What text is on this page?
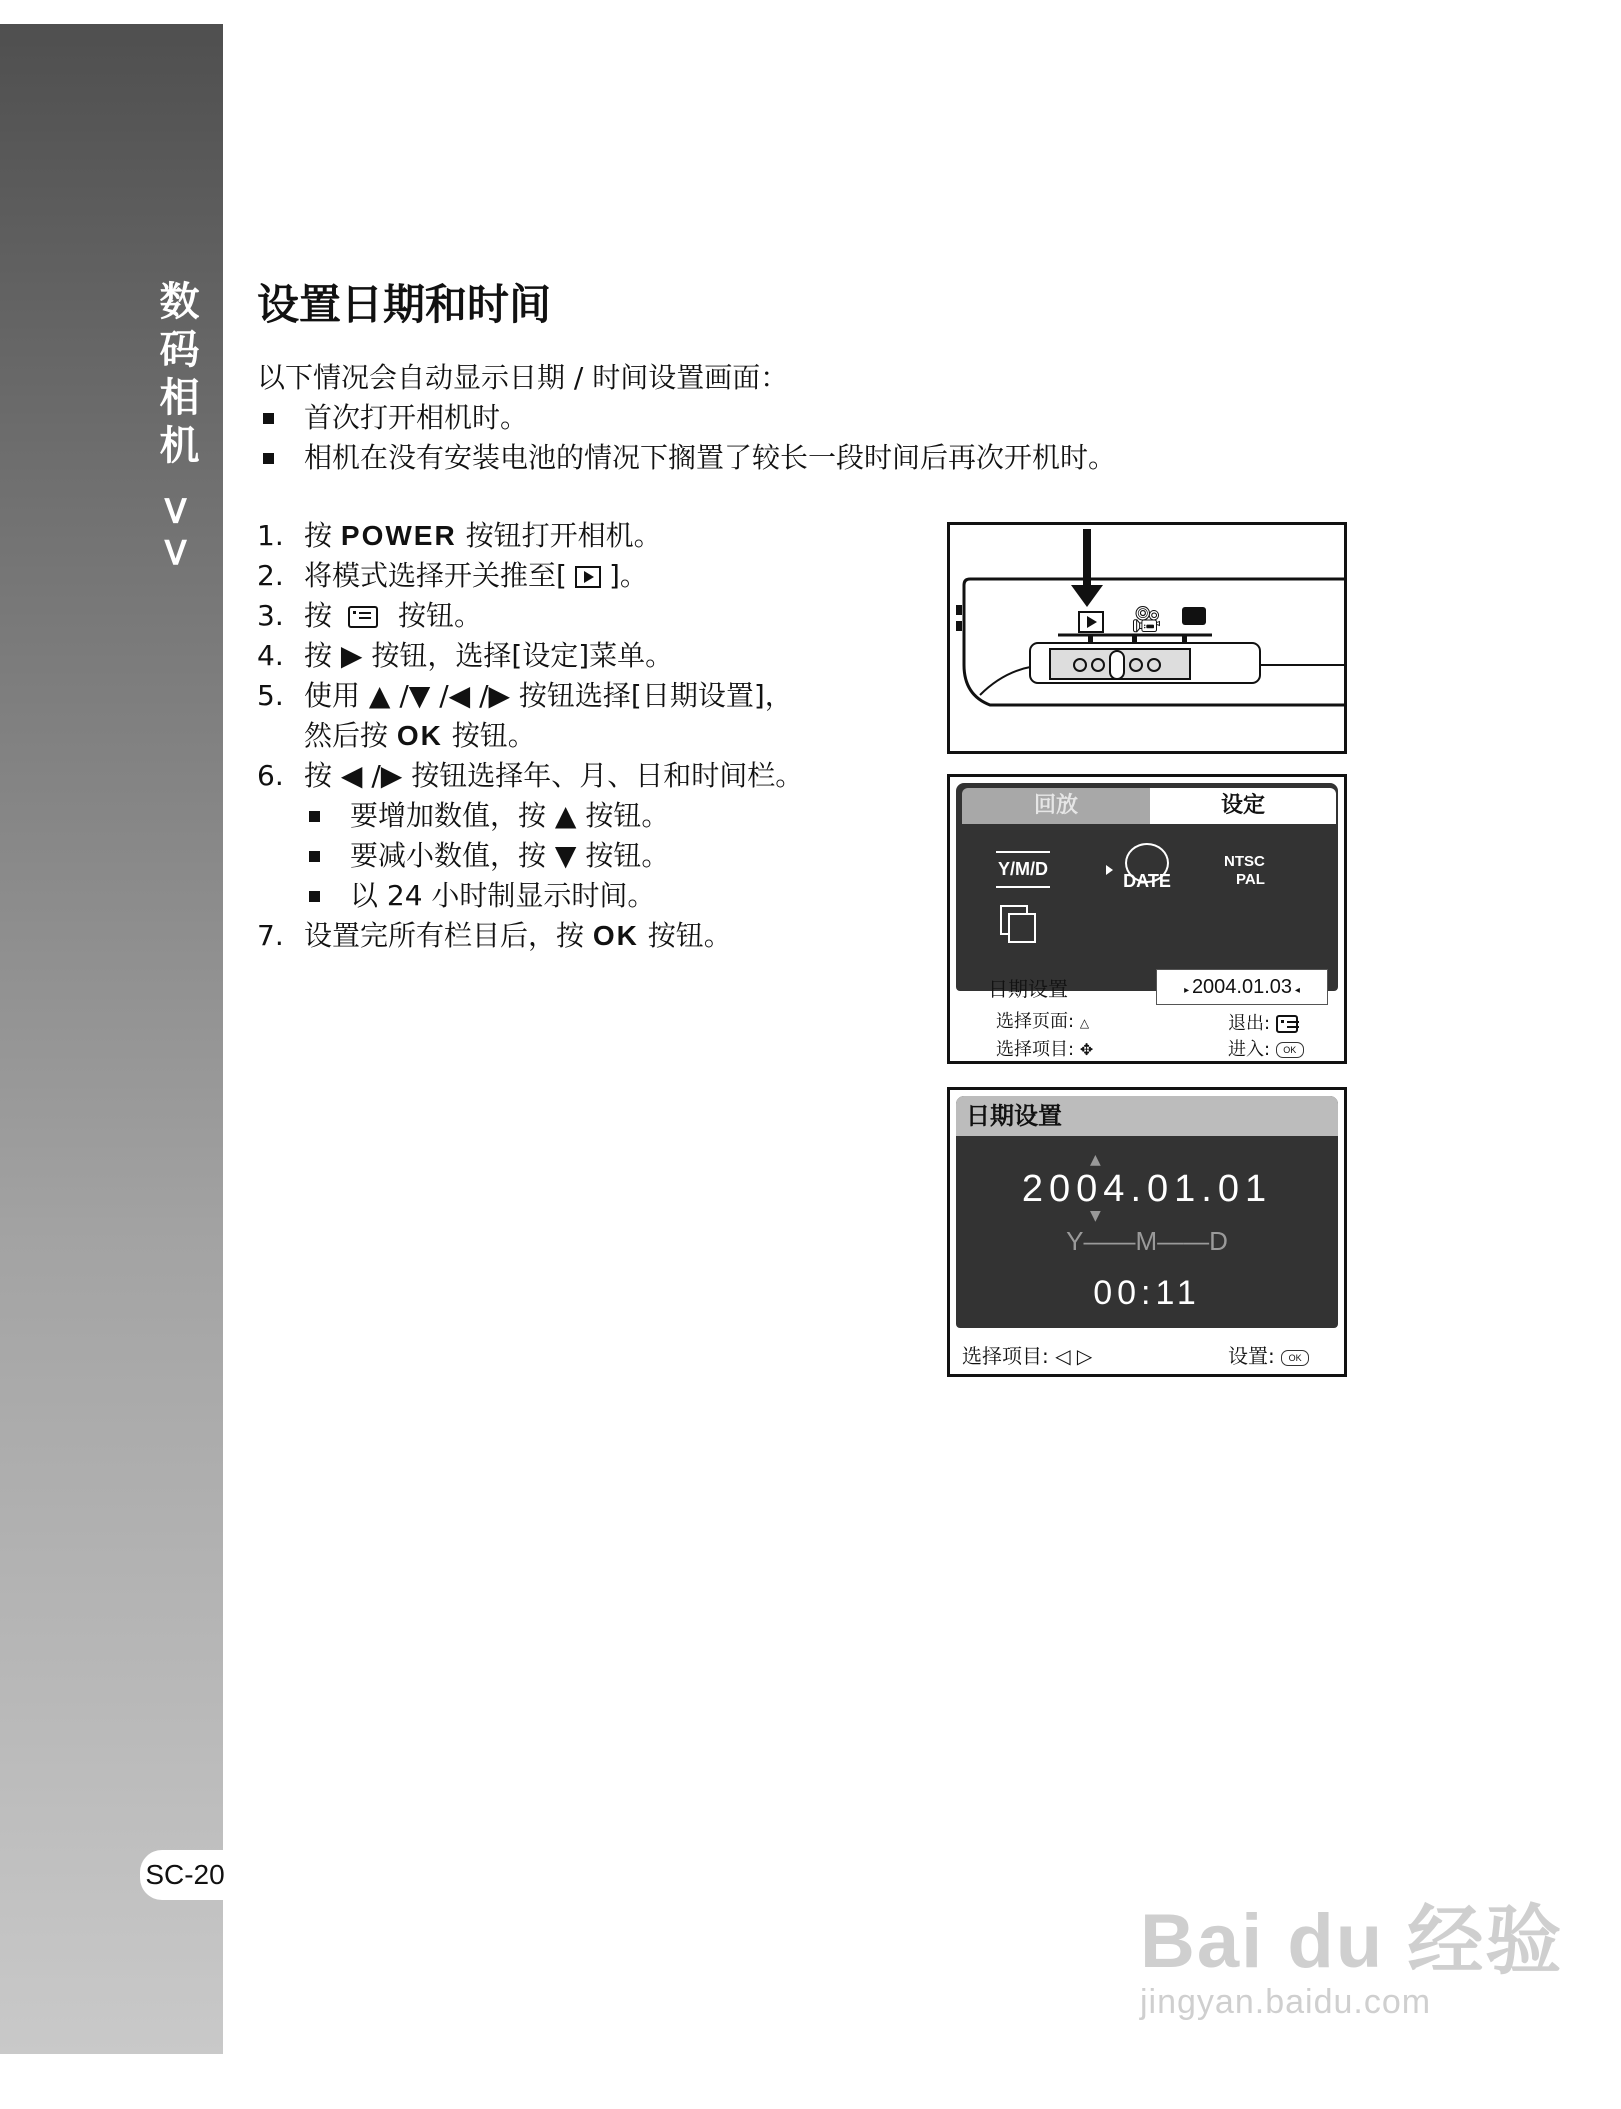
数码相机 >>
SC-20
设置日期和时间
以下情况会自动显示日期 / 时间设置画面：
首次打开相机时。
相机在没有安装电池的情况下搁置了较长一段时间后再次开机时。
1. 按 POWER 按钮打开相机。
2. 将模式选择开关推至[ ]。
3. 按 按钮。
4. 按 ▶ 按钮，选择[设定]菜单。
5. 使用 ▲ /▼ /◀ /▶ 按钮选择[日期设置]，
然后按 OK 按钮。
6. 按 ◀ /▶ 按钮选择年、月、日和时间栏。
要增加数值，按 ▲ 按钮。
要减小数值，按 ▼ 按钮。
以 24 小时制显示时间。
7. 设置完所有栏目后，按 OK 按钮。
🎥︎
回放	设定
Y/M/D
DATE
NTSC
PAL
日期设置	▸ 2004.01.03 ◂
选择页面: △
选择项目: ✥
退出:
进入: OK
日期设置
▲
2004.01.01
▼
Y——M——D
00:11
选择项目: ◁ ▷	设置: OK
Bai du 经验
jingyan.baidu.com
